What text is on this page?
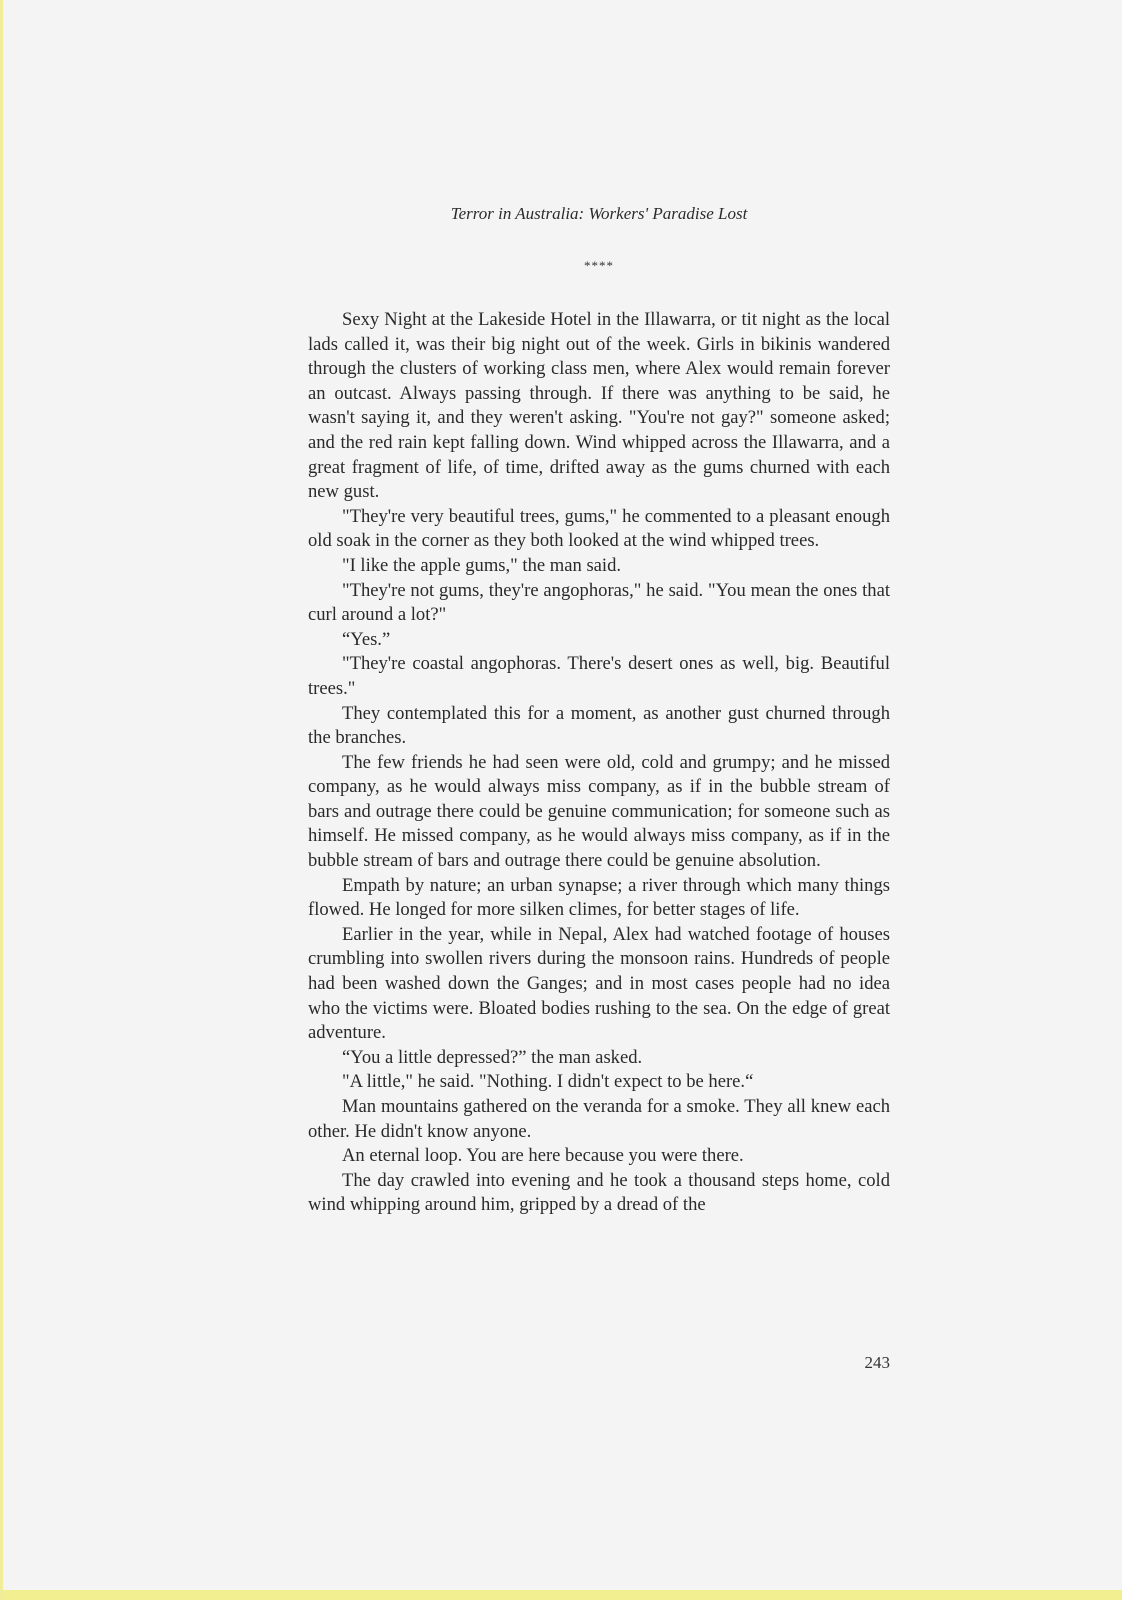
Terror in Australia: Workers' Paradise Lost
****

Sexy Night at the Lakeside Hotel in the Illawarra, or tit night as the local lads called it, was their big night out of the week. Girls in bikinis wandered through the clusters of working class men, where Alex would remain forever an outcast. Always passing through. If there was anything to be said, he wasn't saying it, and they weren't asking. "You're not gay?" someone asked; and the red rain kept falling down. Wind whipped across the Illawarra, and a great fragment of life, of time, drifted away as the gums churned with each new gust.

"They're very beautiful trees, gums," he commented to a pleasant enough old soak in the corner as they both looked at the wind whipped trees.

"I like the apple gums," the man said.

"They're not gums, they're angophoras," he said. "You mean the ones that curl around a lot?"

“Yes.”

"They're coastal angophoras. There's desert ones as well, big. Beautiful trees."

They contemplated this for a moment, as another gust churned through the branches.

The few friends he had seen were old, cold and grumpy; and he missed company, as he would always miss company, as if in the bubble stream of bars and outrage there could be genuine communication; for someone such as himself. He missed company, as he would always miss company, as if in the bubble stream of bars and outrage there could be genuine absolution.

Empath by nature; an urban synapse; a river through which many things flowed. He longed for more silken climes, for better stages of life.

Earlier in the year, while in Nepal, Alex had watched footage of houses crumbling into swollen rivers during the monsoon rains. Hundreds of people had been washed down the Ganges; and in most cases people had no idea who the victims were. Bloated bodies rushing to the sea. On the edge of great adventure.

“You a little depressed?” the man asked.

"A little," he said. "Nothing. I didn't expect to be here.“

Man mountains gathered on the veranda for a smoke. They all knew each other. He didn't know anyone.

An eternal loop. You are here because you were there.

The day crawled into evening and he took a thousand steps home, cold wind whipping around him, gripped by a dread of the

243
